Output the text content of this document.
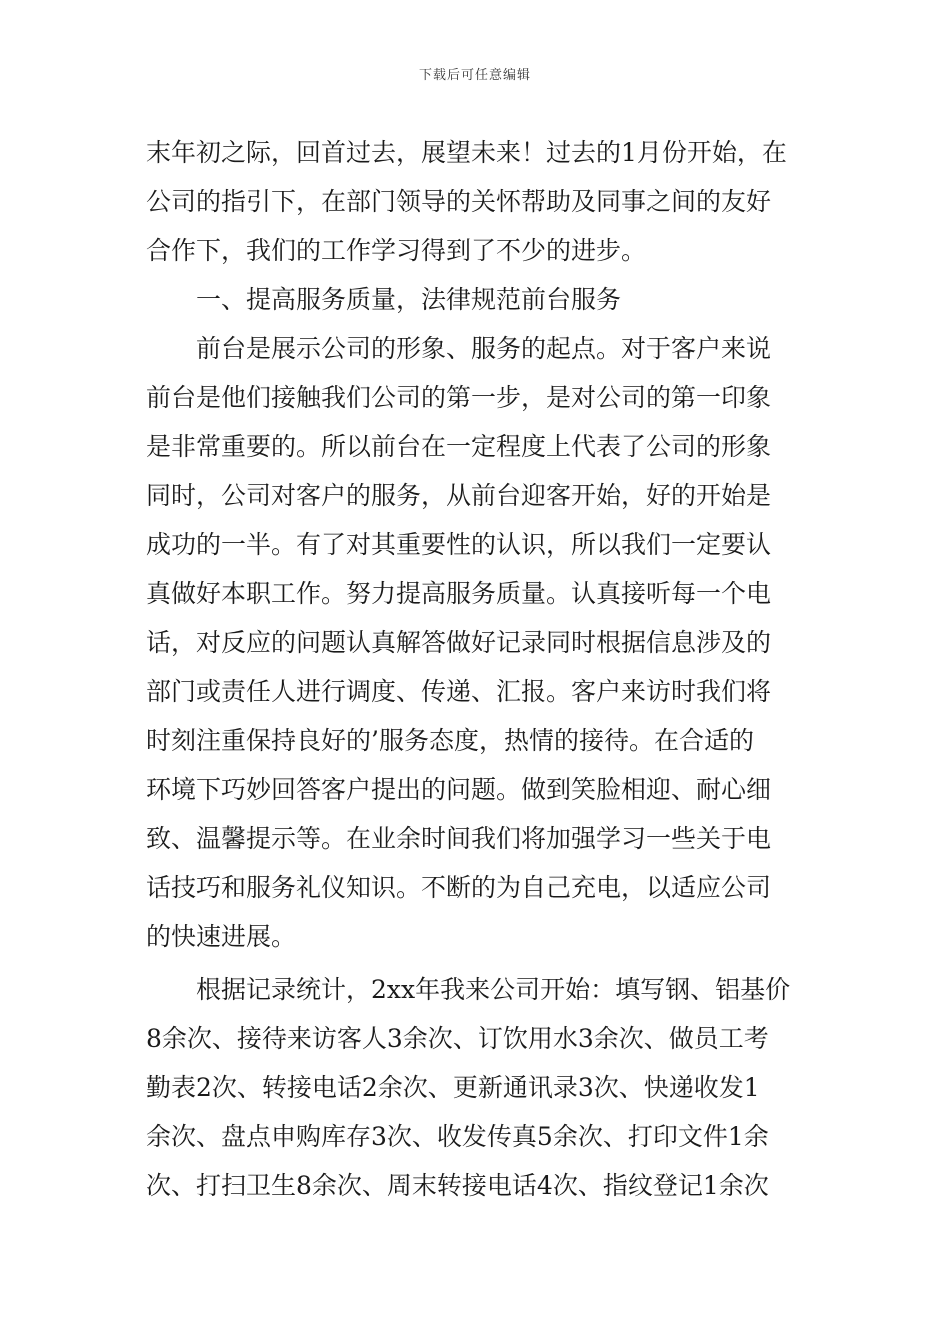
下载后可任意编辑
末年初之际，回首过去，展望未来！过去的1月份开始，在
公司的指引下，在部门领导的关怀帮助及同事之间的友好
合作下，我们的工作学习得到了不少的进步。
一、提高服务质量，法律规范前台服务
前台是展示公司的形象、服务的起点。对于客户来说
前台是他们接触我们公司的第一步，是对公司的第一印象
是非常重要的。所以前台在一定程度上代表了公司的形象
同时，公司对客户的服务，从前台迎客开始，好的开始是
成功的一半。有了对其重要性的认识，所以我们一定要认
真做好本职工作。努力提高服务质量。认真接听每一个电
话，对反应的问题认真解答做好记录同时根据信息涉及的
部门或责任人进行调度、传递、汇报。客户来访时我们将
时刻注重保持良好的’服务态度，热情的接待。在合适的
环境下巧妙回答客户提出的问题。做到笑脸相迎、耐心细
致、温馨提示等。在业余时间我们将加强学习一些关于电
话技巧和服务礼仪知识。不断的为自己充电，以适应公司
的快速进展。
根据记录统计，2xx年我来公司开始：填写钢、铝基价
8余次、接待来访客人3余次、订饮用水3余次、做员工考
勤表2次、转接电话2余次、更新通讯录3次、快递收发1
余次、盘点申购库存3次、收发传真5余次、打印文件1余
次、打扫卫生8余次、周末转接电话4次、指纹登记1余次
